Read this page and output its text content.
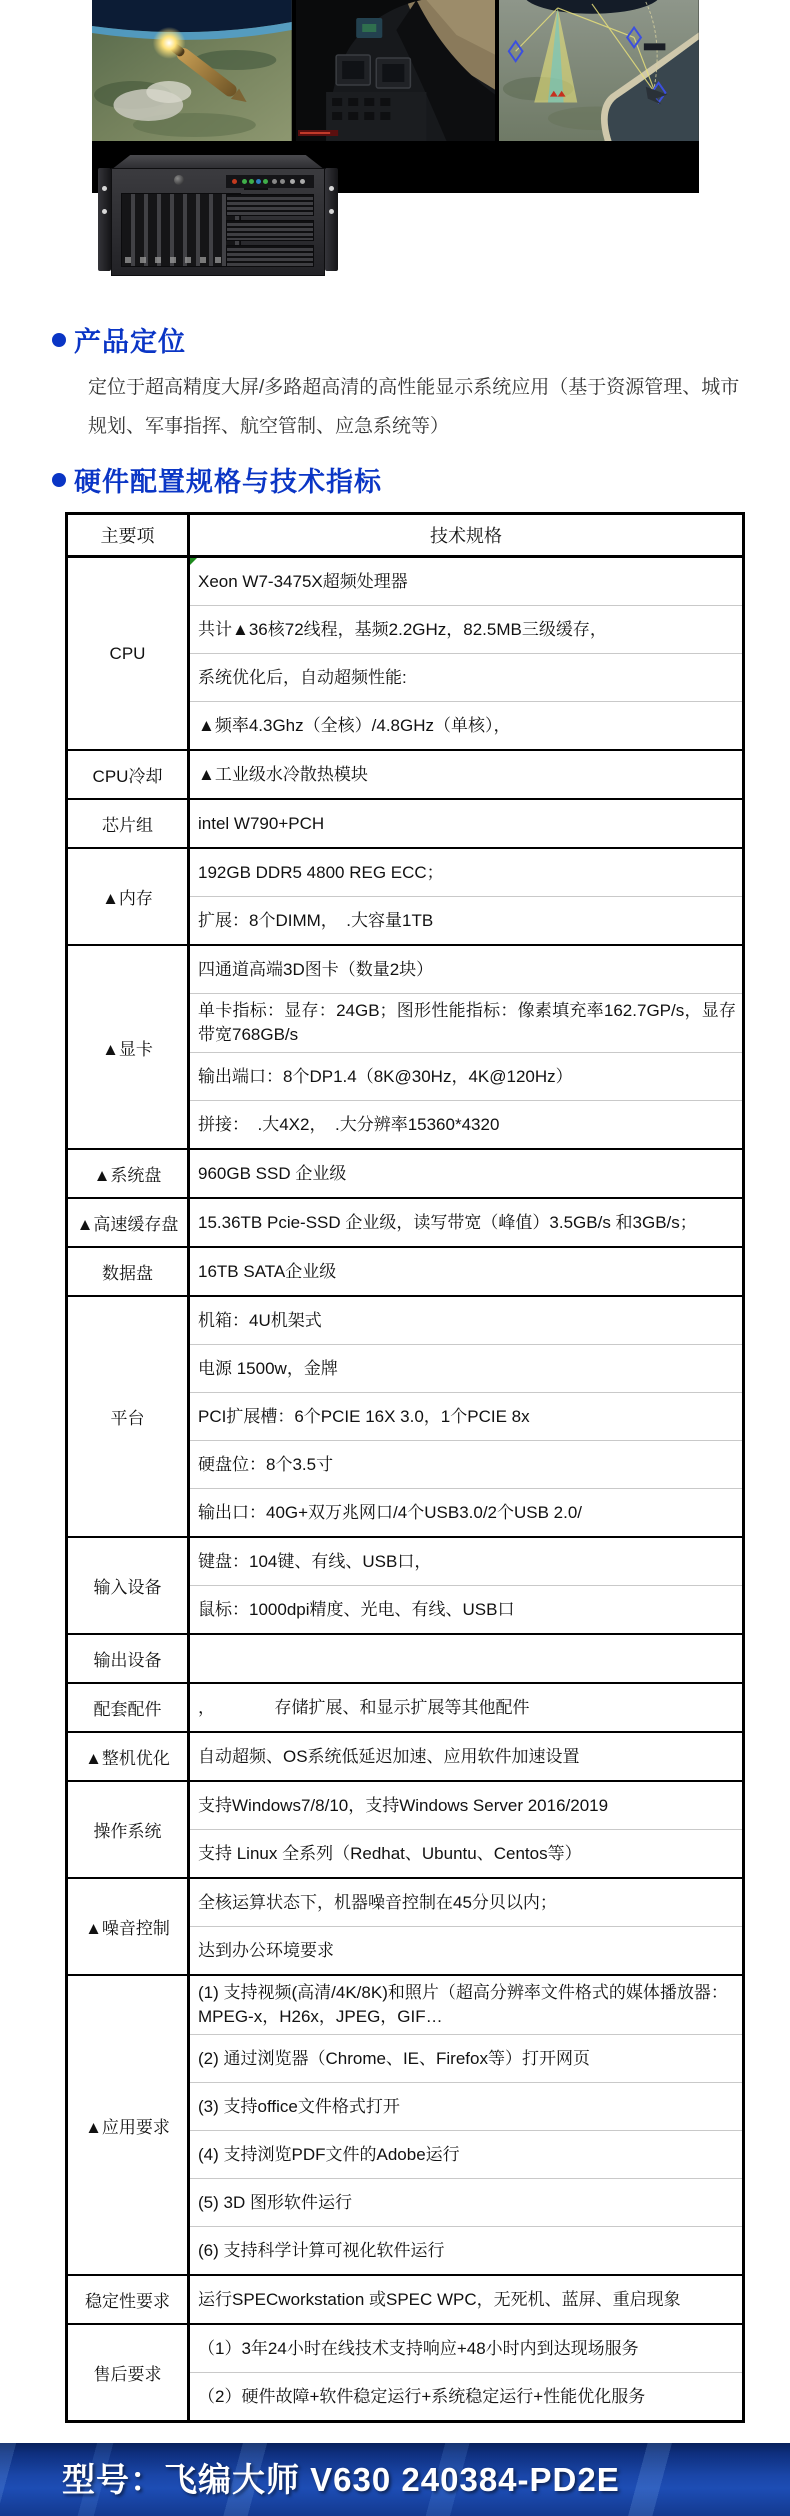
产品定位
定位于超高精度大屏/多路超高清的高性能显示系统应用（基于资源管理、城市规划、军事指挥、航空管制、应急系统等）
硬件配置规格与技术指标
主要项	技术规格
CPU	Xeon W7-3475X超频处理器
	共计▲36核72线程，基频2.2GHz，82.5MB三级缓存，
	系统优化后，自动超频性能:
	▲频率4.3Ghz（全核）/4.8GHz（单核），
CPU冷却	▲工业级水冷散热模块
芯片组	intel W790+PCH
▲内存	192GB DDR5 4800 REG ECC；
	扩展：8个DIMM，　.大容量1TB
▲显卡	四通道高端3D图卡（数量2块）
	单卡指标：显存：24GB；图形性能指标：像素填充率162.7GP/s，显存带宽768GB/s
	输出端口：8个DP1.4（8K@30Hz，4K@120Hz）
	拼接：　.大4X2，　.大分辨率15360*4320
▲系统盘	960GB SSD 企业级
▲高速缓存盘	15.36TB Pcie-SSD 企业级，读写带宽（峰值）3.5GB/s 和3GB/s；
数据盘	16TB SATA企业级
平台	机箱：4U机架式
	电源 1500w，金牌
	PCI扩展槽：6个PCIE 16X 3.0，1个PCIE 8x
	硬盘位：8个3.5寸
	输出口：40G+双万兆网口/4个USB3.0/2个USB 2.0/
输入设备	键盘：104键、有线、USB口，
	鼠标：1000dpi精度、光电、有线、USB口
输出设备	
配套配件	，　　　　存储扩展、和显示扩展等其他配件
▲整机优化	自动超频、OS系统低延迟加速、应用软件加速设置
操作系统	支持Windows7/8/10，支持Windows Server 2016/2019
	支持 Linux 全系列（Redhat、Ubuntu、Centos等）
▲噪音控制	全核运算状态下，机器噪音控制在45分贝以内；
	达到办公环境要求
▲应用要求	(1) 支持视频(高清/4K/8K)和照片（超高分辨率文件格式的媒体播放器：MPEG-x，H26x，JPEG，GIF…
	(2) 通过浏览器（Chrome、IE、Firefox等）打开网页
	(3) 支持office文件格式打开
	(4) 支持浏览PDF文件的Adobe运行
	(5) 3D 图形软件运行
	(6) 支持科学计算可视化软件运行
稳定性要求	运行SPECworkstation 或SPEC WPC，无死机、蓝屏、重启现象
售后要求	（1）3年24小时在线技术支持响应+48小时内到达现场服务
	（2）硬件故障+软件稳定运行+系统稳定运行+性能优化服务
型号：飞编大师 V630 240384-PD2E
